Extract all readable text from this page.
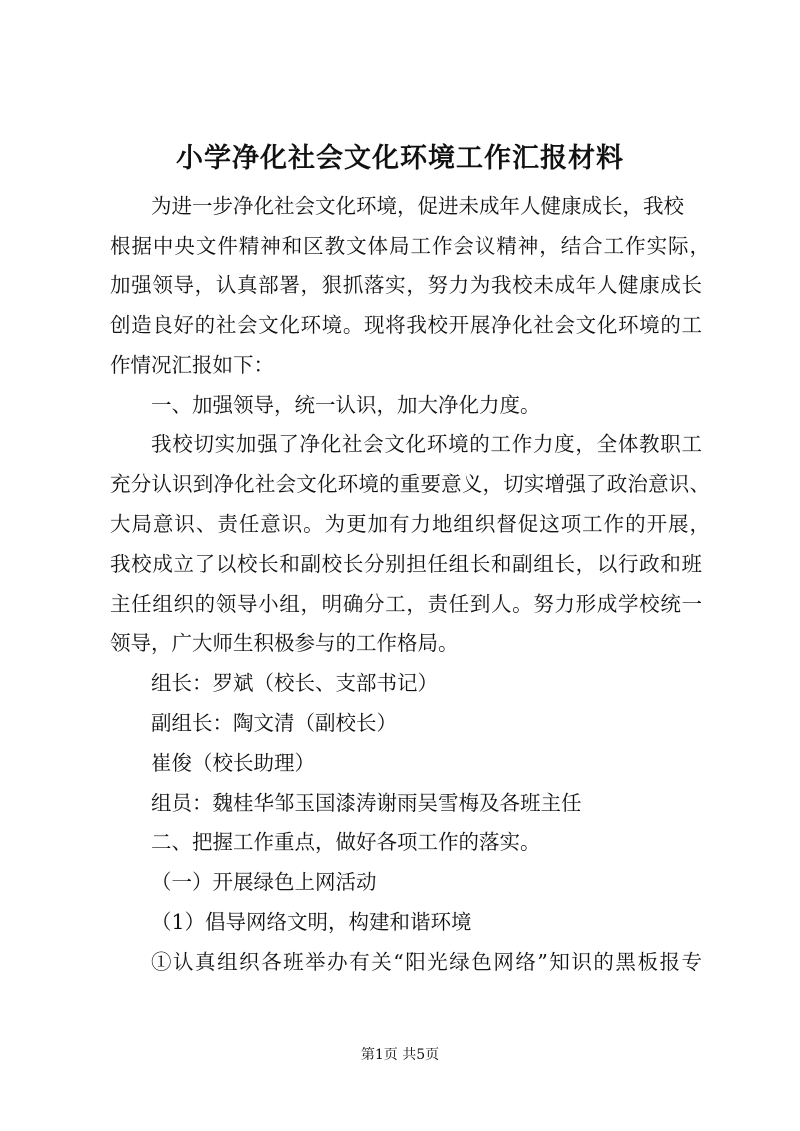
小学净化社会文化环境工作汇报材料
为进一步净化社会文化环境，促进未成年人健康成长，我校
根据中央文件精神和区教文体局工作会议精神，结合工作实际，
加强领导，认真部署，狠抓落实，努力为我校未成年人健康成长
创造良好的社会文化环境。现将我校开展净化社会文化环境的工
作情况汇报如下：
一、加强领导，统一认识，加大净化力度。
我校切实加强了净化社会文化环境的工作力度，全体教职工
充分认识到净化社会文化环境的重要意义，切实增强了政治意识、
大局意识、责任意识。为更加有力地组织督促这项工作的开展，
我校成立了以校长和副校长分别担任组长和副组长，以行政和班
主任组织的领导小组，明确分工，责任到人。努力形成学校统一
领导，广大师生积极参与的工作格局。
组长：罗斌（校长、支部书记）
副组长：陶文清（副校长）
崔俊（校长助理）
组员：魏桂华邹玉国漆涛谢雨吴雪梅及各班主任
二、把握工作重点，做好各项工作的落实。
（一）开展绿色上网活动
（1）倡导网络文明，构建和谐环境
①认真组织各班举办有关“阳光绿色网络”知识的黑板报专
第1页 共5页
